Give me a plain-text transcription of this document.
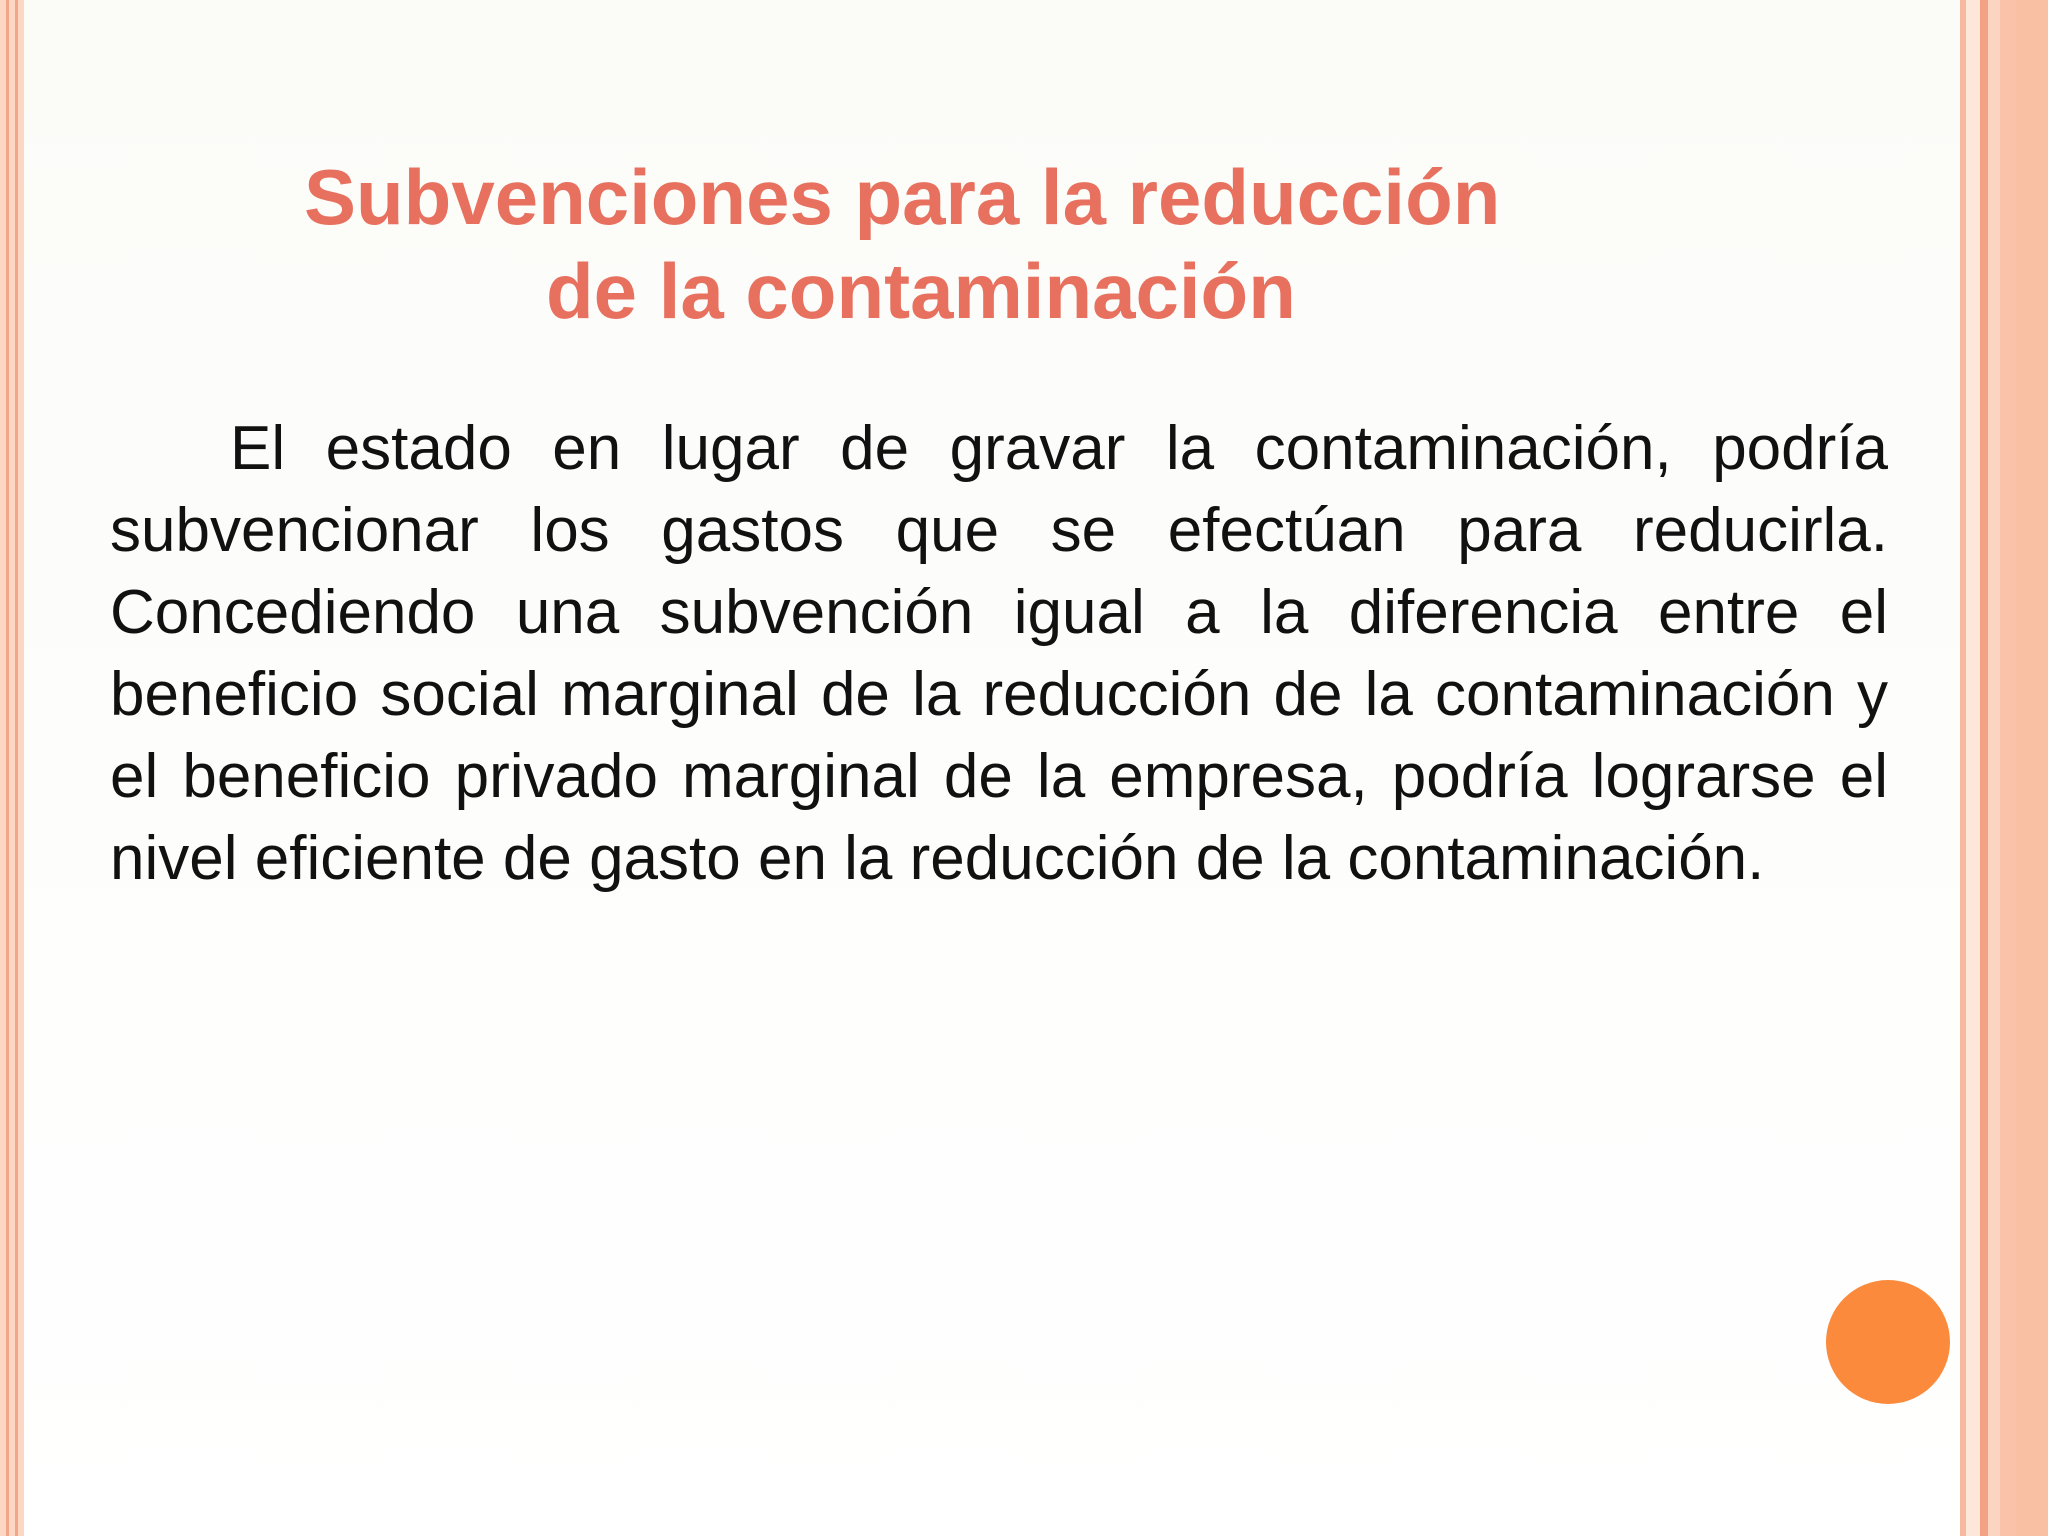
Subvenciones para la reducción
de la contaminación

El estado en lugar de gravar la contaminación, podría subvencionar los gastos que se efectúan para reducirla. Concediendo una subvención igual a la diferencia entre el beneficio social marginal de la reducción de la contaminación y el beneficio privado marginal de la empresa, podría lograrse el nivel eficiente de gasto en la reducción de la contaminación.
